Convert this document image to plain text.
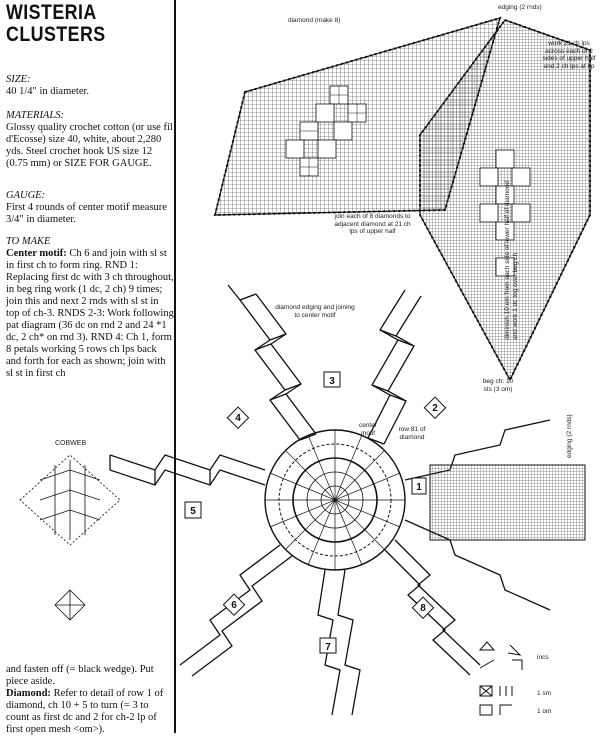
WISTERIA
CLUSTERS
SIZE:
40 1/4" in diameter.
MATERIALS:
Glossy quality crochet cotton (or use fil d'Ecosse) size 40, white, about 2,280 yds. Steel crochet hook US size 12 (0.75 mm) or SIZE FOR GAUGE.
GAUGE:
First 4 rounds of center motif measure 3/4" in diameter.
TO MAKE
Center motif: Ch 6 and join with sl st in first ch to form ring. RND 1: Replacing first dc with 3 ch throughout, in beg ring work (1 dc, 2 ch) 9 times; join this and next 2 rnds with sl st in top of ch-3. RNDS 2-3: Work following pat diagram (36 dc on rnd 2 and 24 *1 dc, 2 ch* on rnd 3). RND 4: Ch 1, form 8 petals working 5 rows ch lps back and forth for each as shown; join with sl st in first ch
and fasten off (= black wedge). Put piece aside.
Diamond: Refer to detail of row 1 of diamond, ch 10 + 5 to turn (= 3 to count as first dc and 2 for ch-2 lp of first open mesh <om>).
3
4
2
5
1
6
7
8
diamond (make 8)
edging (2 rnds)
work 21 ch lps across each of 2 sides of upper half and 2 ch lps at tip
join each of 8 diamonds to adjacent diamond at 21 ch lps of upper half
diamond edging and joining to center motif
center motif	row 81 of diamond
beg ch: 10 sts (3 om)
diminish 10 om from each side of lower half of diamond and work 1 dc tog over beg ch
edging (2 rnds)
COBWEB
incs
1 sm
1 om
